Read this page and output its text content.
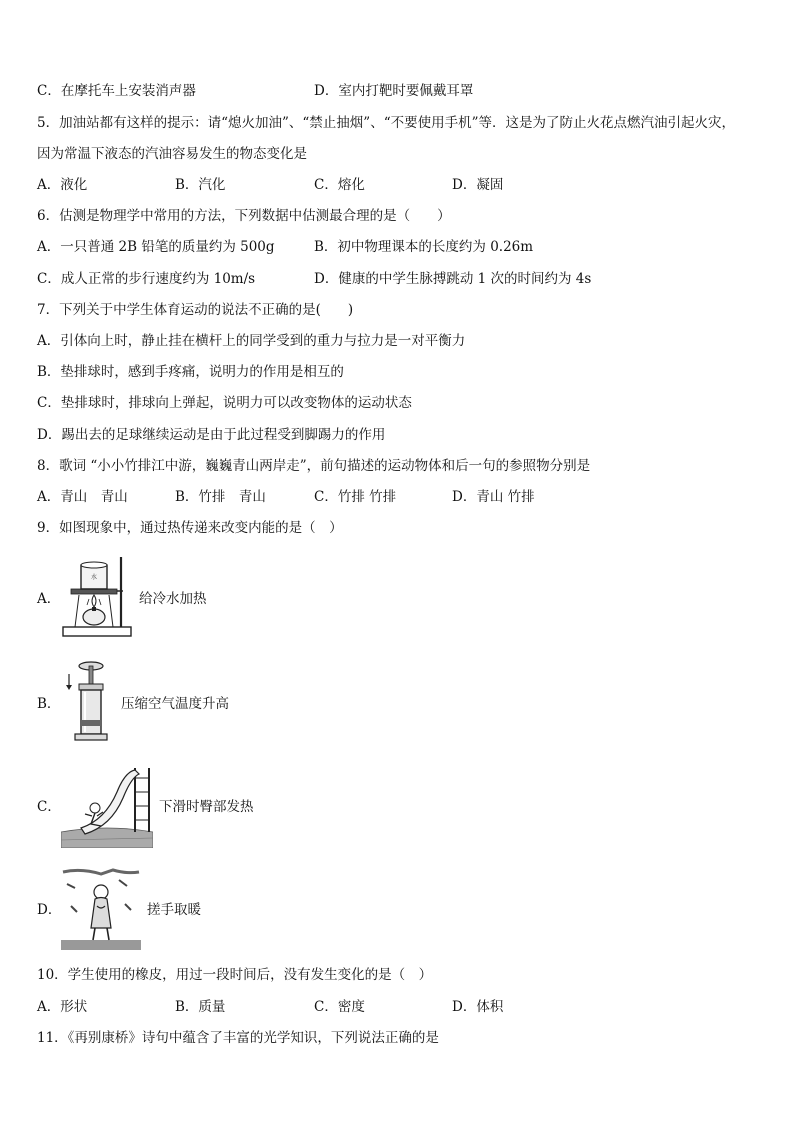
C．在摩托车上安装消声器	D．室内打靶时要佩戴耳罩
5．加油站都有这样的提示：请“熄火加油”、“禁止抽烟”、“不要使用手机”等．这是为了防止火花点燃汽油引起火灾，
因为常温下液态的汽油容易发生的物态变化是
A．液化	B．汽化	C．熔化	D．凝固
6．估测是物理学中常用的方法，下列数据中估测最合理的是（　　）
A．一只普通 2B 铅笔的质量约为 500g	B．初中物理课本的长度约为 0.26m
C．成人正常的步行速度约为 10m/s	D．健康的中学生脉搏跳动 1 次的时间约为 4s
7．下列关于中学生体育运动的说法不正确的是(　　)
A．引体向上时，静止挂在横杆上的同学受到的重力与拉力是一对平衡力
B．垫排球时，感到手疼痛，说明力的作用是相互的
C．垫排球时，排球向上弹起，说明力可以改变物体的运动状态
D．踢出去的足球继续运动是由于此过程受到脚踢力的作用
8．歌词 “小小竹排江中游，巍巍青山两岸走”，前句描述的运动物体和后一句的参照物分别是
A．青山　青山	B．竹排　青山	C．竹排 竹排	D．青山 竹排
9．如图现象中，通过热传递来改变内能的是（　）
A．
水
给冷水加热
B．	压缩空气温度升高
C．	下滑时臀部发热
D．	搓手取暖
10．学生使用的橡皮，用过一段时间后，没有发生变化的是（　）
A．形状	B．质量	C．密度	D．体积
11．《再别康桥》诗句中蕴含了丰富的光学知识，下列说法正确的是
